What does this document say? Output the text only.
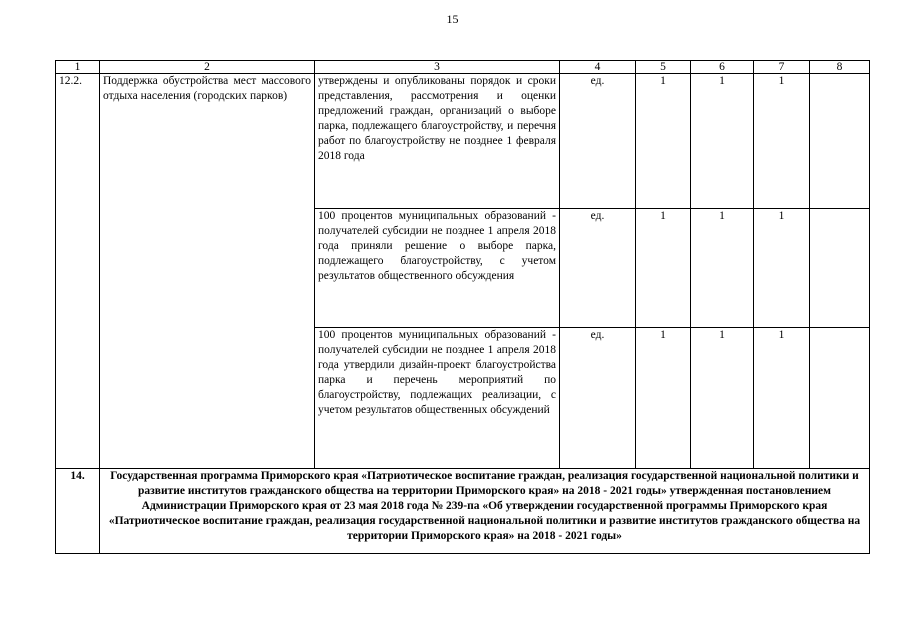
15
1	2	3	4	5	6	7	8
12.2.	Поддержка обустройства мест массового отдыха населения (городских парков)	утверждены и опубликованы порядок и сроки представления, рассмотрения и оценки предложений граждан, организаций о выборе парка, подлежащего благоустройству, и перечня работ по благоустройству не позднее 1 февраля 2018 года	ед.	1	1	1	
		100 процентов муниципальных образований - получателей субсидии не позднее 1 апреля 2018 года приняли решение о выборе парка, подлежащего благоустройству, с учетом результатов общественного обсуждения	ед.	1	1	1	
		100 процентов муниципальных образований - получателей субсидии не позднее 1 апреля 2018 года утвердили дизайн-проект благоустройства парка и перечень мероприятий по благоустройству, подлежащих реализации, с учетом результатов общественных обсуждений	ед.	1	1	1	
14.	Государственная программа Приморского края «Патриотическое воспитание граждан, реализация государственной национальной политики и развитие институтов гражданского общества на территории Приморского края» на 2018 - 2021 годы» утвержденная постановлением Администрации Приморского края от 23 мая 2018 года № 239-па «Об утверждении государственной программы Приморского края «Патриотическое воспитание граждан, реализация государственной национальной политики и развитие институтов гражданского общества на территории Приморского края» на 2018 - 2021 годы»						
